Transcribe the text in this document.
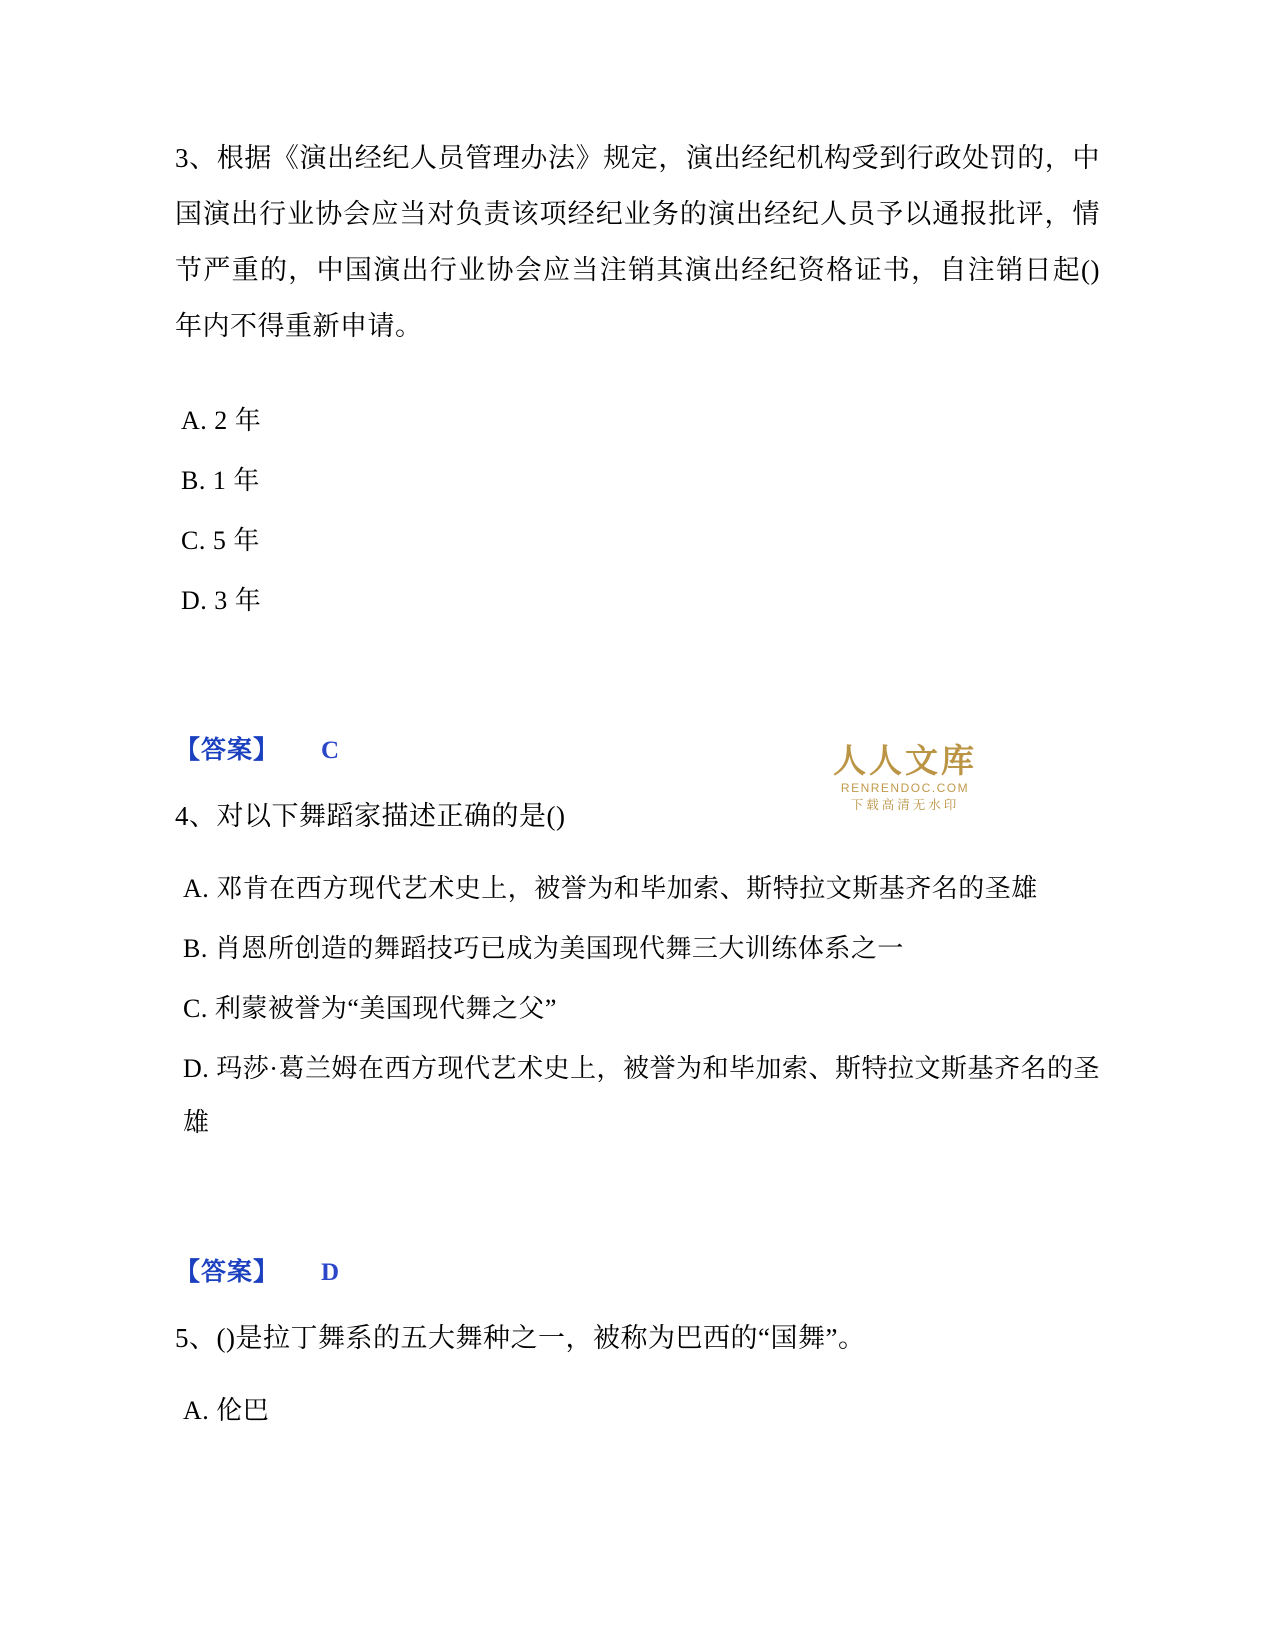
3、根据《演出经纪人员管理办法》规定，演出经纪机构受到行政处罚的，中国演出行业协会应当对负责该项经纪业务的演出经纪人员予以通报批评，情节严重的，中国演出行业协会应当注销其演出经纪资格证书，自注销日起()年内不得重新申请。

A. 2 年

B. 1 年

C. 5 年

D. 3 年

【答案】 C

4、对以下舞蹈家描述正确的是()

A. 邓肯在西方现代艺术史上，被誉为和毕加索、斯特拉文斯基齐名的圣雄

B. 肖恩所创造的舞蹈技巧已成为美国现代舞三大训练体系之一

C. 利蒙被誉为“美国现代舞之父”

D. 玛莎·葛兰姆在西方现代艺术史上，被誉为和毕加索、斯特拉文斯基齐名的圣雄

【答案】 D

5、()是拉丁舞系的五大舞种之一，被称为巴西的“国舞”。

A. 伦巴

人人文库
RENRENDOC.COM
下载高清无水印
